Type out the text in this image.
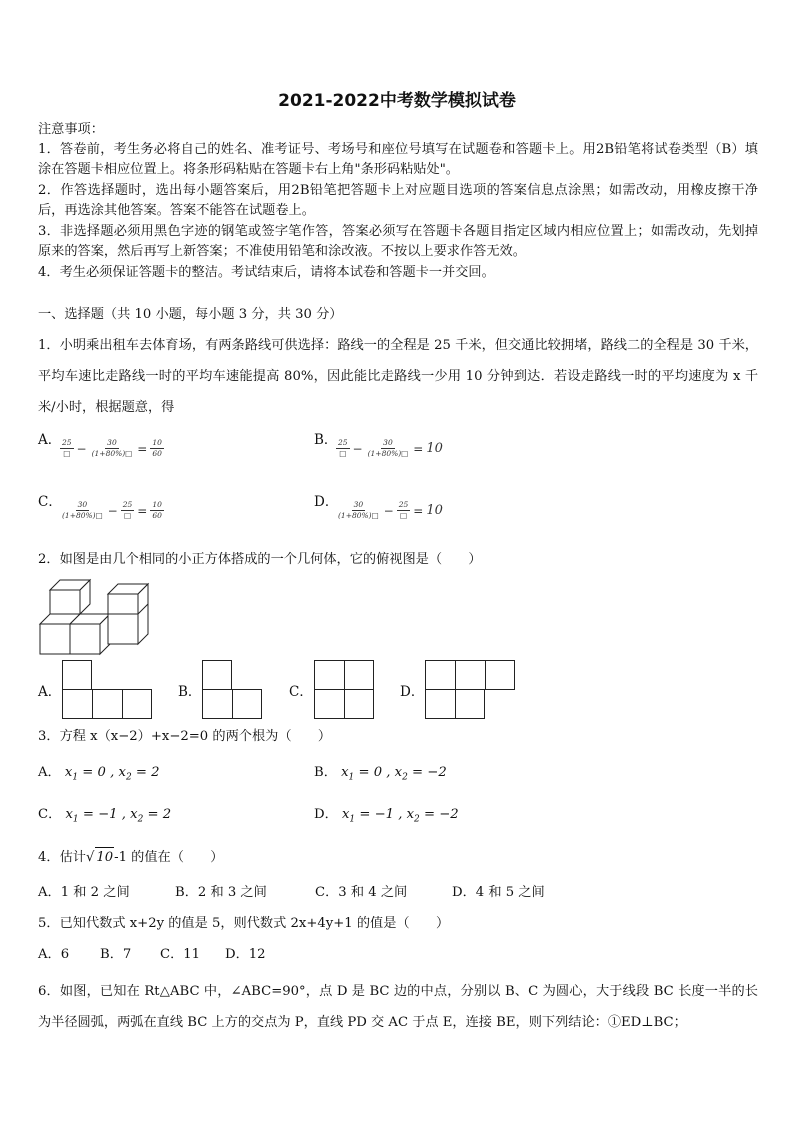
2021-2022中考数学模拟试卷
注意事项：
1．答卷前，考生务必将自己的姓名、准考证号、考场号和座位号填写在试题卷和答题卡上。用2B铅笔将试卷类型（B）填涂在答题卡相应位置上。将条形码粘贴在答题卡右上角"条形码粘贴处"。
2．作答选择题时，选出每小题答案后，用2B铅笔把答题卡上对应题目选项的答案信息点涂黑；如需改动，用橡皮擦干净后，再选涂其他答案。答案不能答在试题卷上。
3．非选择题必须用黑色字迹的钢笔或签字笔作答，答案必须写在答题卡各题目指定区域内相应位置上；如需改动，先划掉原来的答案，然后再写上新答案；不准使用铅笔和涂改液。不按以上要求作答无效。
4．考生必须保证答题卡的整洁。考试结束后，请将本试卷和答题卡一并交回。
一、选择题（共 10 小题，每小题 3 分，共 30 分）
1．小明乘出租车去体育场，有两条路线可供选择：路线一的全程是 25 千米，但交通比较拥堵，路线二的全程是 30 千米，平均车速比走路线一时的平均车速能提高 80%，因此能比走路线一少用 10 分钟到达．若设走路线一时的平均速度为 x 千米/小时，根据题意，得
A．
$\frac{25}{□} - \frac{30}{(1+80\%)□} = \frac{10}{60}$	B．
$\frac{25}{□} - \frac{30}{(1+80\%)□} = 10$
C．
$\frac{30}{(1+80\%)□} - \frac{25}{□} = \frac{10}{60}$	D．
$\frac{30}{(1+80\%)□} - \frac{25}{□} = 10$
2．如图是由几个相同的小正方体搭成的一个几何体，它的俯视图是（　　）
A．	B．	C．	D．
3．方程 x（x−2）+x−2=0 的两个根为（　　）
A． $x_1 = 0$ , $x_2 = 2$	B． $x_1 = 0$ , $x_2 = -2$
C． $x_1 = -1$ , $x_2 = 2$	D． $x_1 = -1$ , $x_2 = -2$
4．估计√ 10-1 的值在（　　）
A．1 和 2 之间	B．2 和 3 之间	C．3 和 4 之间	D．4 和 5 之间
5．已知代数式 x+2y 的值是 5，则代数式 2x+4y+1 的值是（　　）
A．6 B．7 C．11 D．12
6．如图，已知在 Rt△ABC 中，∠ABC=90°，点 D 是 BC 边的中点，分别以 B、C 为圆心，大于线段 BC 长度一半的长为半径圆弧，两弧在直线 BC 上方的交点为 P，直线 PD 交 AC 于点 E，连接 BE，则下列结论：①ED⊥BC；
